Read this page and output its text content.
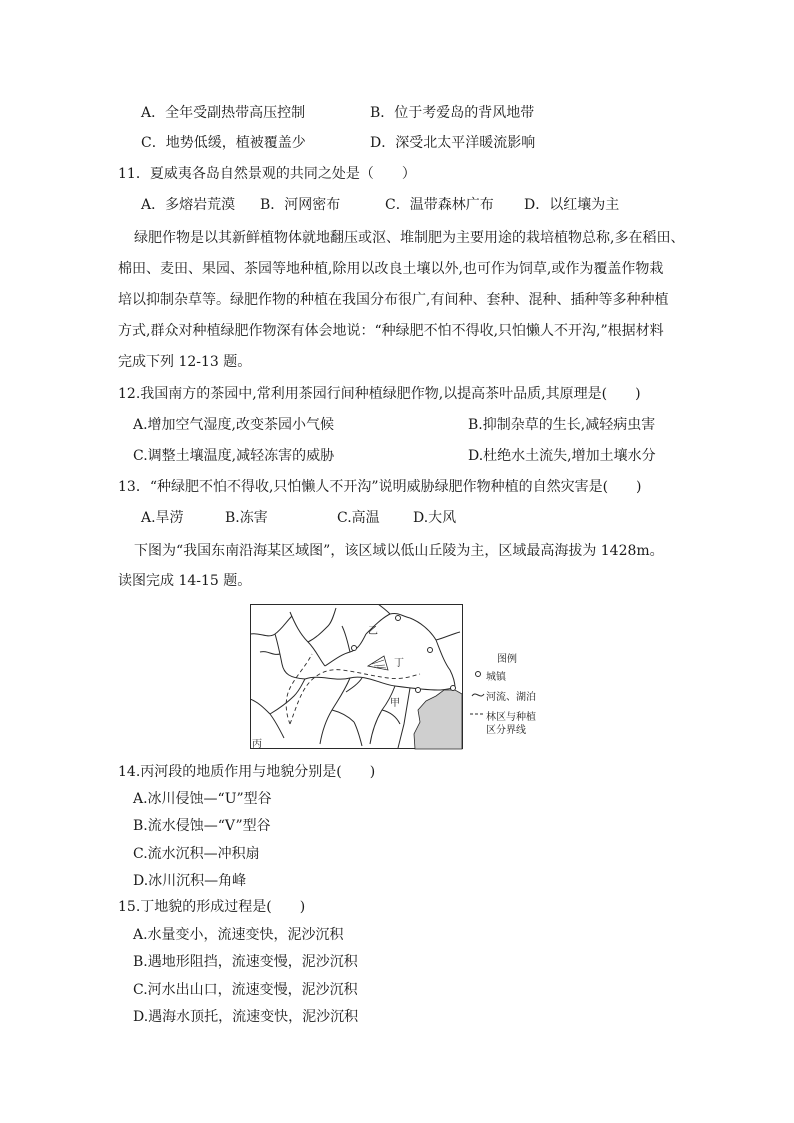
A．全年受副热带高压控制	B．位于考爱岛的背风地带
C．地势低缓，植被覆盖少	D．深受北太平洋暖流影响
11．夏威夷各岛自然景观的共同之处是（　　）
A．多熔岩荒漠 B．河网密布	C．温带森林广布 D．以红壤为主
绿肥作物是以其新鲜植物体就地翻压或沤、堆制肥为主要用途的栽培植物总称,多在稻田、
棉田、麦田、果园、茶园等地种植,除用以改良土壤以外,也可作为饲草,或作为覆盖作物栽
培以抑制杂草等。绿肥作物的种植在我国分布很广,有间种、套种、混种、插种等多种种植
方式,群众对种植绿肥作物深有体会地说：“种绿肥不怕不得收,只怕懒人不开沟,”根据材料
完成下列 12-13 题。
12.我国南方的茶园中,常利用茶园行间种植绿肥作物,以提高茶叶品质,其原理是(　　)
A.增加空气湿度,改变茶园小气候	B.抑制杂草的生长,减轻病虫害
C.调整土壤温度,减轻冻害的威胁	D.杜绝水土流失,增加土壤水分
13．“种绿肥不怕不得收,只怕懒人不开沟”说明威胁绿肥作物种植的自然灾害是(　　)
A.旱涝	B.冻害	C.高温 D.大风
下图为“我国东南沿海某区域图”，该区域以低山丘陵为主，区域最高海拔为 1428m。
读图完成 14-15 题。
乙
丁
甲
丙
图例
城镇
河流、湖泊
林区与种植
区分界线
14.丙河段的地质作用与地貌分别是(　　)
A.冰川侵蚀—“U”型谷
B.流水侵蚀—“V”型谷
C.流水沉积—冲积扇
D.冰川沉积—角峰
15.丁地貌的形成过程是(　　)
A.水量变小，流速变快，泥沙沉积
B.遇地形阻挡，流速变慢，泥沙沉积
C.河水出山口，流速变慢，泥沙沉积
D.遇海水顶托，流速变快，泥沙沉积
